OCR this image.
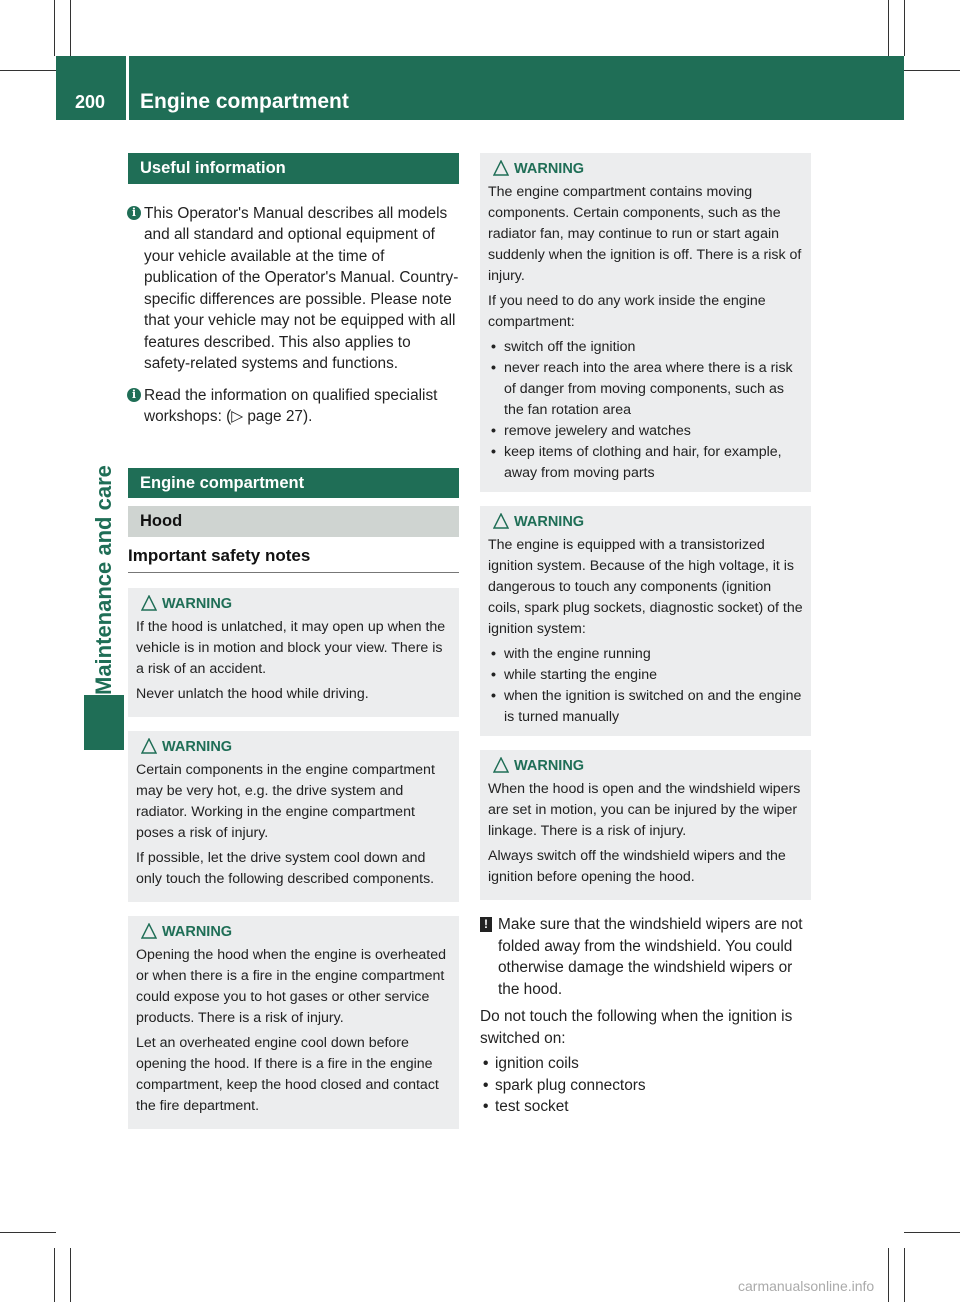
200	Engine compartment
Maintenance and care
Useful information
i This Operator's Manual describes all models and all standard and optional equipment of your vehicle available at the time of publication of the Operator's Manual. Country-specific differences are possible. Please note that your vehicle may not be equipped with all features described. This also applies to safety-related systems and functions.
i Read the information on qualified specialist workshops: (▷ page 27).
Engine compartment
Hood
Important safety notes
WARNING

If the hood is unlatched, it may open up when the vehicle is in motion and block your view. There is a risk of an accident.

Never unlatch the hood while driving.

WARNING

Certain components in the engine compartment may be very hot, e.g. the drive system and radiator. Working in the engine compartment poses a risk of injury.

If possible, let the drive system cool down and only touch the following described components.

WARNING

Opening the hood when the engine is overheated or when there is a fire in the engine compartment could expose you to hot gases or other service products. There is a risk of injury.

Let an overheated engine cool down before opening the hood. If there is a fire in the engine compartment, keep the hood closed and contact the fire department.

WARNING

The engine compartment contains moving components. Certain components, such as the radiator fan, may continue to run or start again suddenly when the ignition is off. There is a risk of injury.

If you need to do any work inside the engine compartment:

• switch off the ignition
• never reach into the area where there is a risk of danger from moving components, such as the fan rotation area
• remove jewelery and watches
• keep items of clothing and hair, for example, away from moving parts
WARNING

The engine is equipped with a transistorized ignition system. Because of the high voltage, it is dangerous to touch any components (ignition coils, spark plug sockets, diagnostic socket) of the ignition system:

• with the engine running
• while starting the engine
• when the ignition is switched on and the engine is turned manually
WARNING

When the hood is open and the windshield wipers are set in motion, you can be injured by the wiper linkage. There is a risk of injury.

Always switch off the windshield wipers and the ignition before opening the hood.

! Make sure that the windshield wipers are not folded away from the windshield. You could otherwise damage the windshield wipers or the hood.
Do not touch the following when the ignition is switched on:
• ignition coils
• spark plug connectors
• test socket
carmanualsonline.info
